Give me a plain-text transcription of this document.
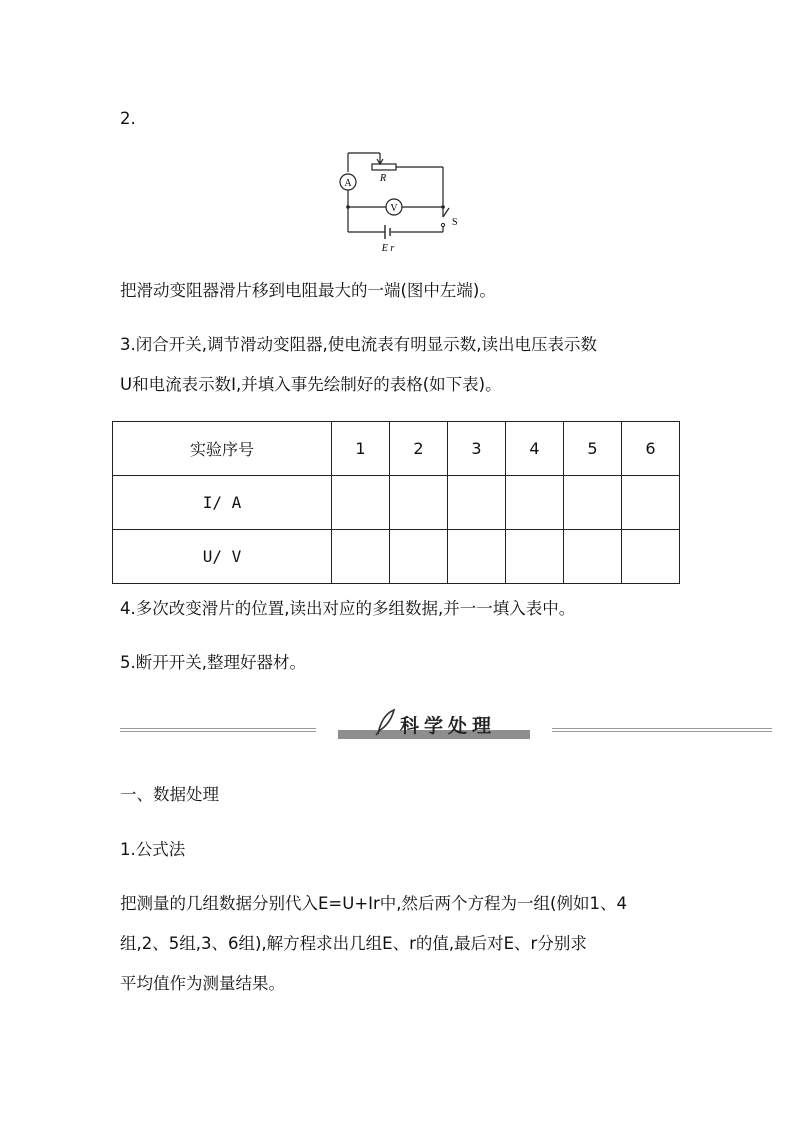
2.
A
V
R
S
E r
把滑动变阻器滑片移到电阻最大的一端(图中左端)。
3.闭合开关,调节滑动变阻器,使电流表有明显示数,读出电压表示数
U和电流表示数I,并填入事先绘制好的表格(如下表)。
实验序号	1	2	3	4	5	6
I/ A						
U/ V						
4.多次改变滑片的位置,读出对应的多组数据,并一一填入表中。
5.断开开关,整理好器材。
科学处理
一、数据处理
1.公式法
把测量的几组数据分别代入E=U+Ir中,然后两个方程为一组(例如1、4
组,2、5组,3、6组),解方程求出几组E、r的值,最后对E、r分别求
平均值作为测量结果。
